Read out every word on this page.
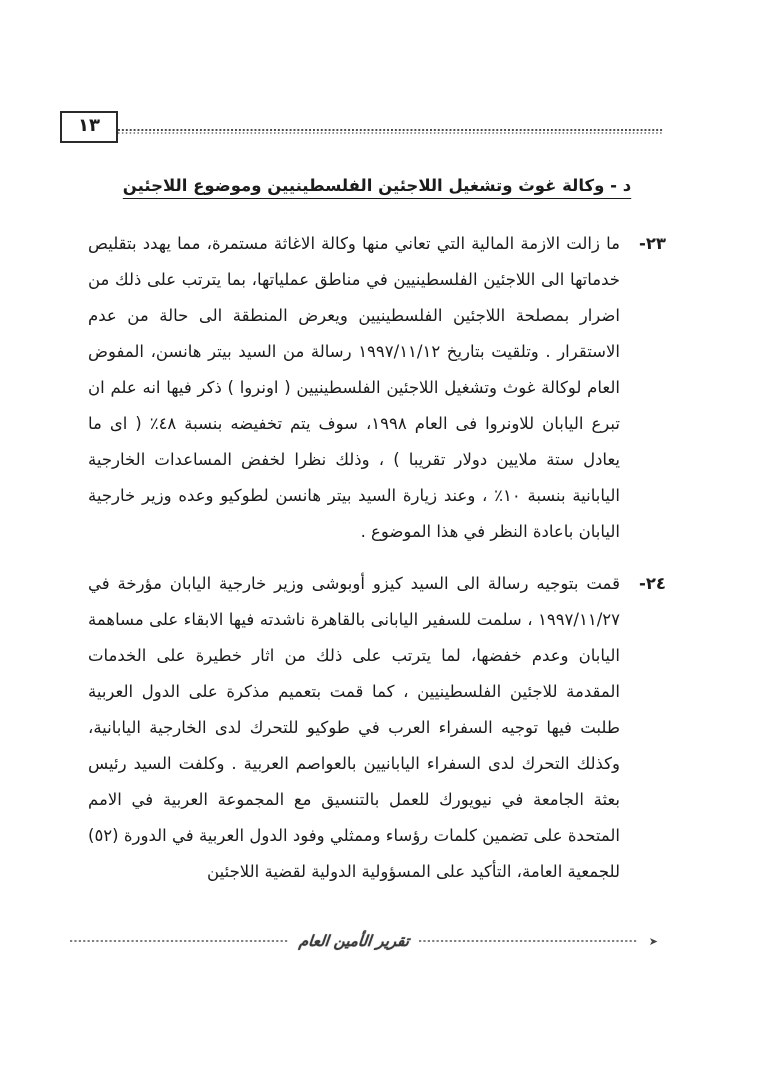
١٣
د - وكالة غوث وتشغيل اللاجئين الفلسطينيين وموضوع اللاجئين
٢٣-

ما زالت الازمة المالية التي تعاني منها وكالة الاغاثة مستمرة، مما يهدد بتقليص خدماتها الى اللاجئين الفلسطينيين في مناطق عملياتها، بما يترتب على ذلك من اضرار بمصلحة اللاجئين الفلسطينيين ويعرض المنطقة الى حالة من عدم الاستقرار . وتلقيت بتاريخ ١٩٩٧/١١/١٢ رسالة من السيد بيتر هانسن، المفوض العام لوكالة غوث وتشغيل اللاجئين الفلسطينيين ( اونروا ) ذكر فيها انه علم ان تبرع اليابان للاونروا فى العام ١٩٩٨، سوف يتم تخفيضه بنسبة ٤٨٪ ( اى ما يعادل ستة ملايين دولار تقريبا ) ، وذلك نظرا لخفض المساعدات الخارجية اليابانية بنسبة ١٠٪ ، وعند زيارة السيد بيتر هانسن لطوكيو وعده وزير خارجية اليابان باعادة النظر في هذا الموضوع .

٢٤-

قمت بتوجيه رسالة الى السيد كيزو أوبوشى وزير خارجية اليابان مؤرخة في ١٩٩٧/١١/٢٧ ، سلمت للسفير اليابانى بالقاهرة ناشدته فيها الابقاء على مساهمة اليابان وعدم خفضها، لما يترتب على ذلك من اثار خطيرة على الخدمات المقدمة للاجئين الفلسطينيين ، كما قمت بتعميم مذكرة على الدول العربية طلبت فيها توجيه السفراء العرب في طوكيو للتحرك لدى الخارجية اليابانية، وكذلك التحرك لدى السفراء اليابانيين بالعواصم العربية . وكلفت السيد رئيس بعثة الجامعة في نيويورك للعمل بالتنسيق مع المجموعة العربية في الامم المتحدة على تضمين كلمات رؤساء وممثلي وفود الدول العربية في الدورة (٥٢) للجمعية العامة، التأكيد على المسؤولية الدولية لقضية اللاجئين

➤
تقرير الأمين العام
